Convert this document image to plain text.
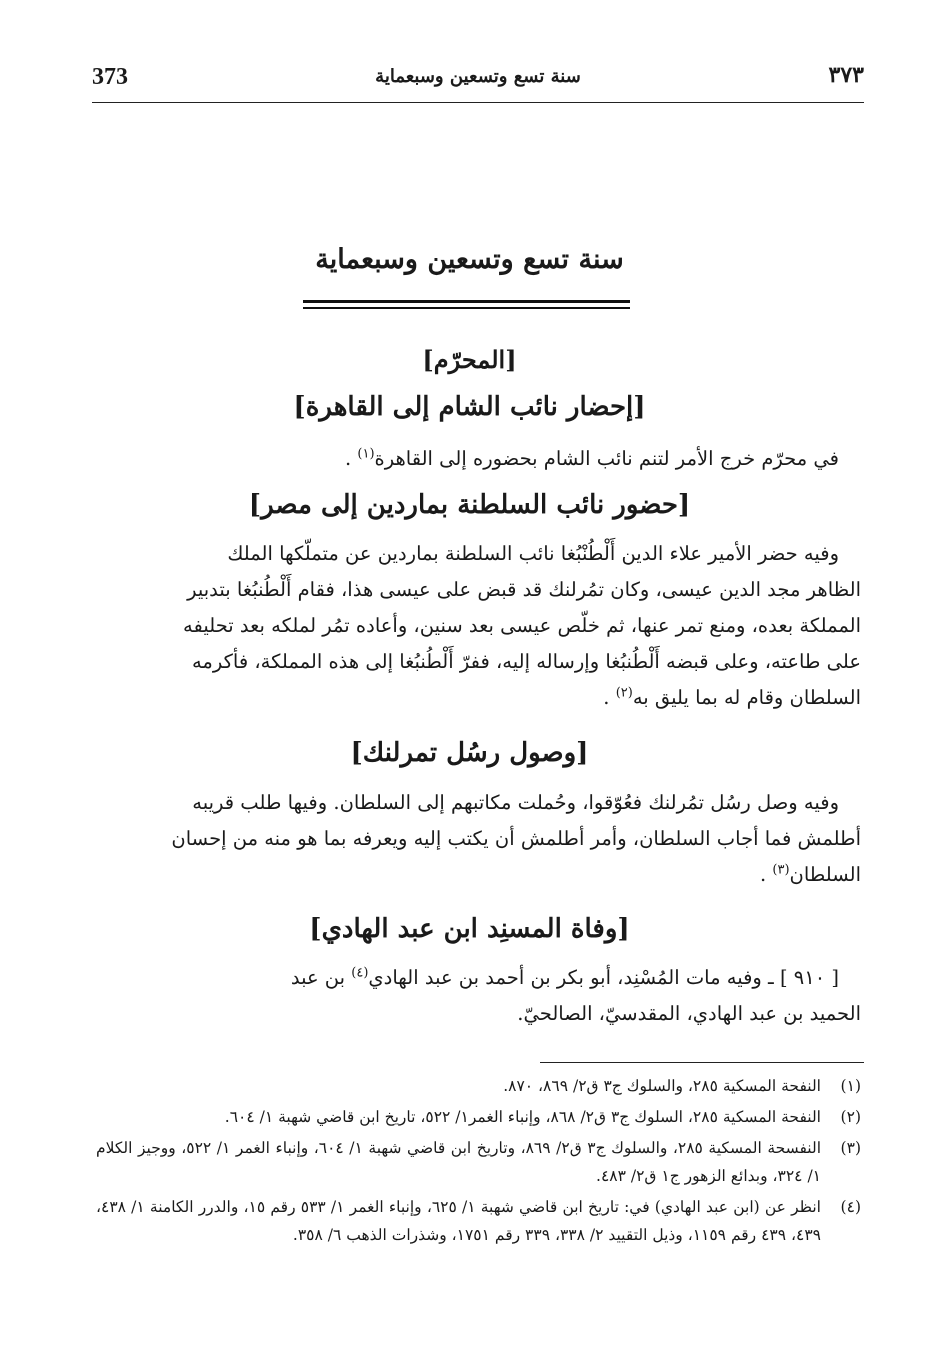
373	سنة تسع وتسعين وسبعماية	٣٧٣
سنة تسع وتسعين وسبعماية
[المحرّم]
[إحضار نائب الشام إلى القاهرة]

في محرّم خرج الأمر لتنم نائب الشام بحضوره إلى القاهرة$^{(١)}$ .

[حضور نائب السلطنة بماردين إلى مصر]

وفيه حضر الأمير علاء الدين أَلْطُنْبُغا نائب السلطنة بماردين عن متملّكها الملك

الظاهر مجد الدين عيسى، وكان تمُرلنك قد قبض على عيسى هذا، فقام أَلْطُنبُغا بتدبير

المملكة بعده، ومنع تمر عنها، ثم خلّص عيسى بعد سنين، وأعاده تمُر لملكه بعد تحليفه

على طاعته، وعلى قبضه أَلْطُنبُغا وإرساله إليه، ففرّ أَلْطُنبُغا إلى هذه المملكة، فأكرمه

السلطان وقام له بما يليق به$^{(٢)}$ .

[وصول رسُل تمرلنك]

وفيه وصل رسُل تمُرلنك فعُوّقوا، وحُملت مكاتبهم إلى السلطان. وفيها طلب قريبه

أطلمش فما أجاب السلطان، وأمر أطلمش أن يكتب إليه ويعرفه بما هو منه من إحسان

السلطان$^{(٣)}$ .

[وفاة المسنِد ابن عبد الهادي]

[ ٩١٠ ] ـ وفيه مات المُسْنِد، أبو بكر بن أحمد بن عبد الهادي$^{(٤)}$ بن عبد

الحميد بن عبد الهادي، المقدسيّ، الصالحيّ.

(١)
النفحة المسكية ٢٨٥، والسلوك ج٣ ق٢/ ٨٦٩، ٨٧٠.
(٢)
النفحة المسكية ٢٨٥، السلوك ج٣ ق٢/ ٨٦٨، وإنباء الغمر١/ ٥٢٢، تاريخ ابن قاضي شهبة ١/ ٦٠٤.
(٣)
النفسحة المسكية ٢٨٥، والسلوك ج٣ ق٢/ ٨٦٩، وتاريخ ابن قاضي شهبة ١/ ٦٠٤، وإنباء الغمر ١/ ٥٢٢، ووجيز الكلام ١/ ٣٢٤، وبدائع الزهور ج١ ق٢/ ٤٨٣.
(٤)
انظر عن (ابن عبد الهادي) في: تاريخ ابن قاضي شهبة ١/ ٦٢٥، وإنباء الغمر ١/ ٥٣٣ رقم ١٥، والدرر الكامنة ١/ ٤٣٨، ٤٣٩، ٤٣٩ رقم ١١٥٩، وذيل التقييد ٢/ ٣٣٨، ٣٣٩ رقم ١٧٥١، وشذرات الذهب ٦/ ٣٥٨.
